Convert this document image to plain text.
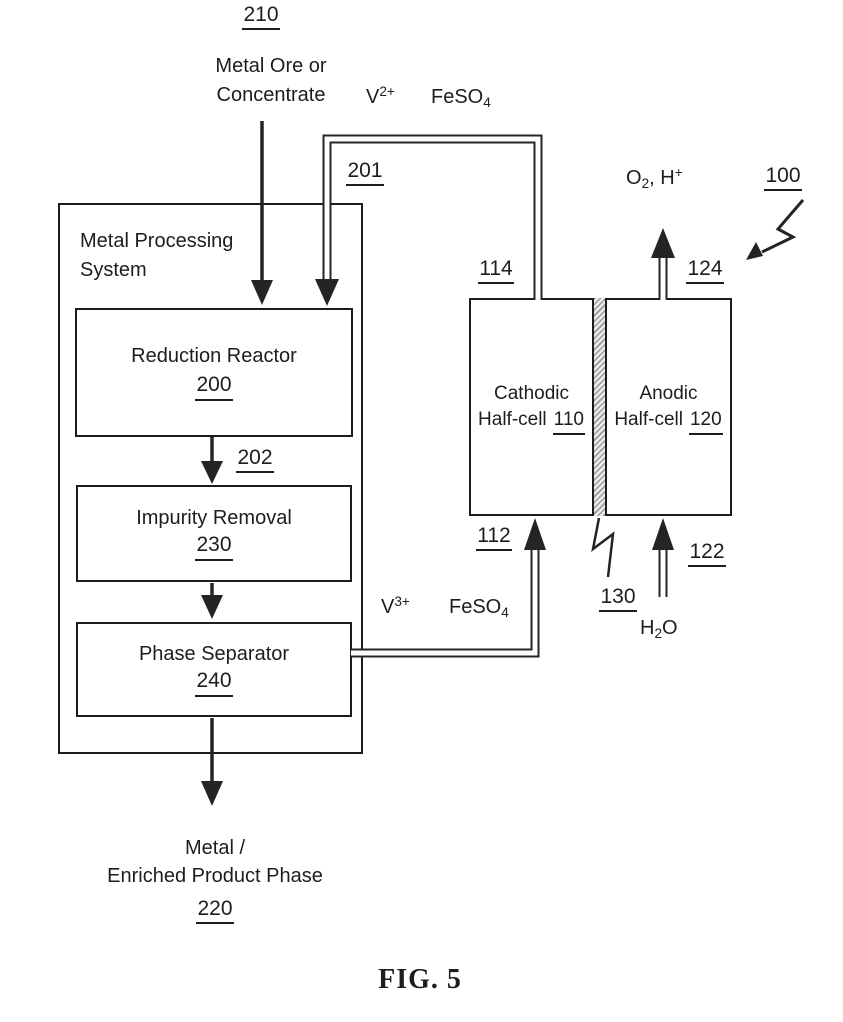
Metal Processing
System
Reduction Reactor
200
Impurity Removal
230
Phase Separator
240
Cathodic
Half-cell 110
Anodic
Half-cell 120
210
Metal Ore or
Concentrate	$V^{2+}$ FeSO$_4$
201
202
114	124
$O_2$, H+	100
112
122
130
$H_2O$
$V^{3+}$ FeSO$_4$
Metal /
Enriched Product Phase
220
FIG. 5
